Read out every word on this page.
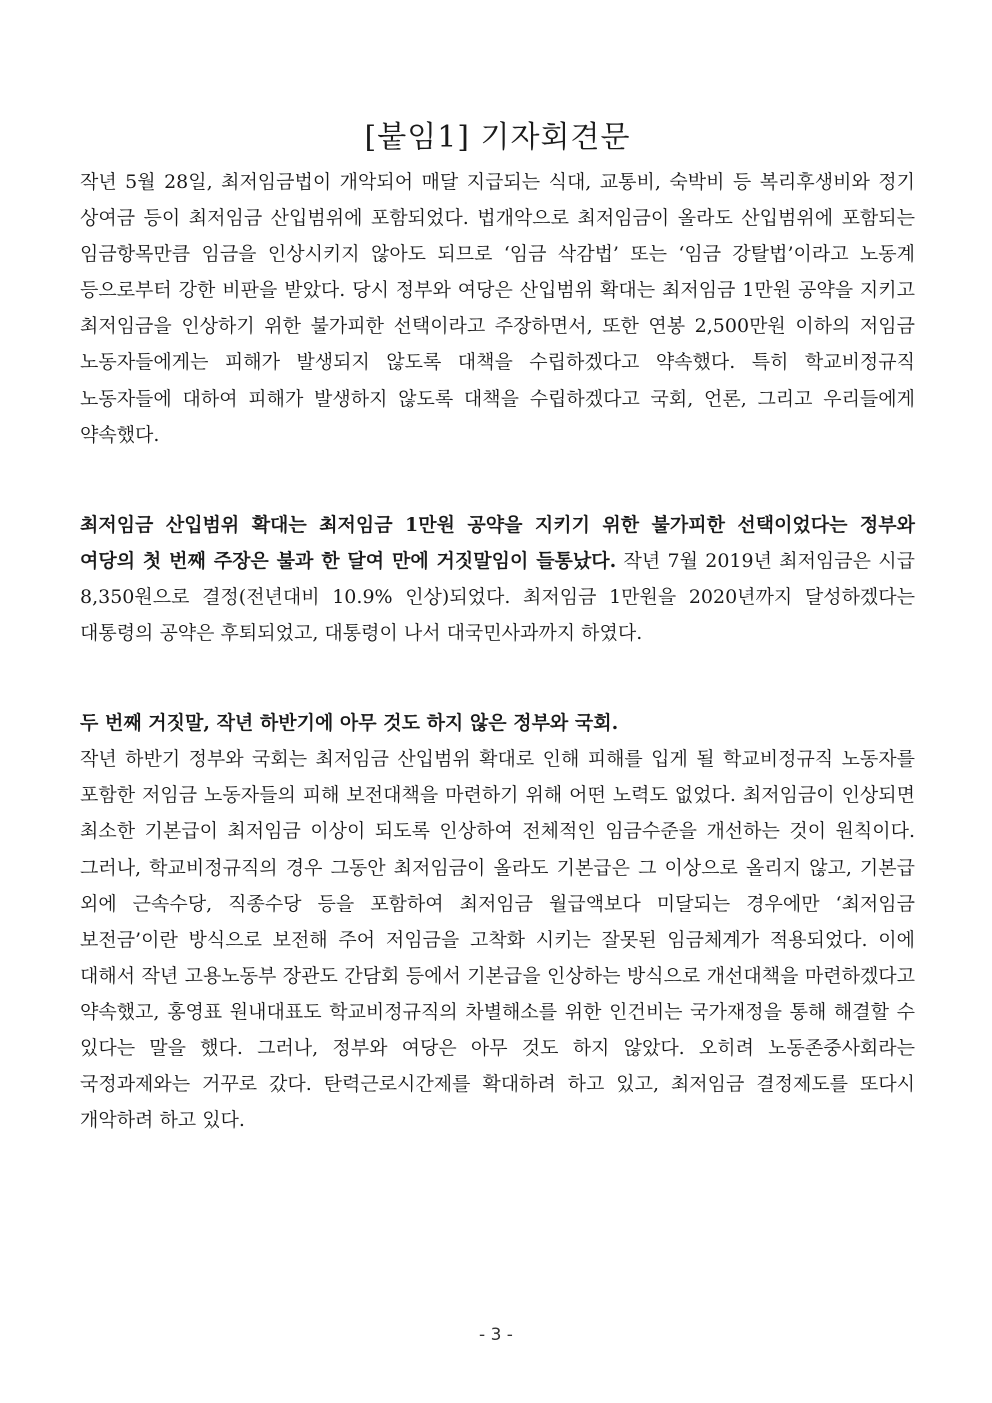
[붙임1] 기자회견문

작년 5월 28일, 최저임금법이 개악되어 매달 지급되는 식대, 교통비, 숙박비 등 복리후생비와 정기 상여금 등이 최저임금 산입범위에 포함되었다. 법개악으로 최저임금이 올라도 산입범위에 포함되는 임금항목만큼 임금을 인상시키지 않아도 되므로 ‘임금 삭감법’ 또는 ‘임금 강탈법’이라고 노동계 등으로부터 강한 비판을 받았다. 당시 정부와 여당은 산입범위 확대는 최저임금 1만원 공약을 지키고 최저임금을 인상하기 위한 불가피한 선택이라고 주장하면서, 또한 연봉 2,500만원 이하의 저임금 노동자들에게는 피해가 발생되지 않도록 대책을 수립하겠다고 약속했다. 특히 학교비정규직 노동자들에 대하여 피해가 발생하지 않도록 대책을 수립하겠다고 국회, 언론, 그리고 우리들에게 약속했다.

최저임금 산입범위 확대는 최저임금 1만원 공약을 지키기 위한 불가피한 선택이었다는 정부와 여당의 첫 번째 주장은 불과 한 달여 만에 거짓말임이 들통났다. 작년 7월 2019년 최저임금은 시급 8,350원으로 결정(전년대비 10.9% 인상)되었다. 최저임금 1만원을 2020년까지 달성하겠다는 대통령의 공약은 후퇴되었고, 대통령이 나서 대국민사과까지 하였다.

두 번째 거짓말, 작년 하반기에 아무 것도 하지 않은 정부와 국회.

작년 하반기 정부와 국회는 최저임금 산입범위 확대로 인해 피해를 입게 될 학교비정규직 노동자를 포함한 저임금 노동자들의 피해 보전대책을 마련하기 위해 어떤 노력도 없었다. 최저임금이 인상되면 최소한 기본급이 최저임금 이상이 되도록 인상하여 전체적인 임금수준을 개선하는 것이 원칙이다. 그러나, 학교비정규직의 경우 그동안 최저임금이 올라도 기본급은 그 이상으로 올리지 않고, 기본급 외에 근속수당, 직종수당 등을 포함하여 최저임금 월급액보다 미달되는 경우에만 ‘최저임금 보전금’이란 방식으로 보전해 주어 저임금을 고착화 시키는 잘못된 임금체계가 적용되었다. 이에 대해서 작년 고용노동부 장관도 간담회 등에서 기본급을 인상하는 방식으로 개선대책을 마련하겠다고 약속했고, 홍영표 원내대표도 학교비정규직의 차별해소를 위한 인건비는 국가재정을 통해 해결할 수 있다는 말을 했다. 그러나, 정부와 여당은 아무 것도 하지 않았다. 오히려 노동존중사회라는 국정과제와는 거꾸로 갔다. 탄력근로시간제를 확대하려 하고 있고, 최저임금 결정제도를 또다시 개악하려 하고 있다.

- 3 -
